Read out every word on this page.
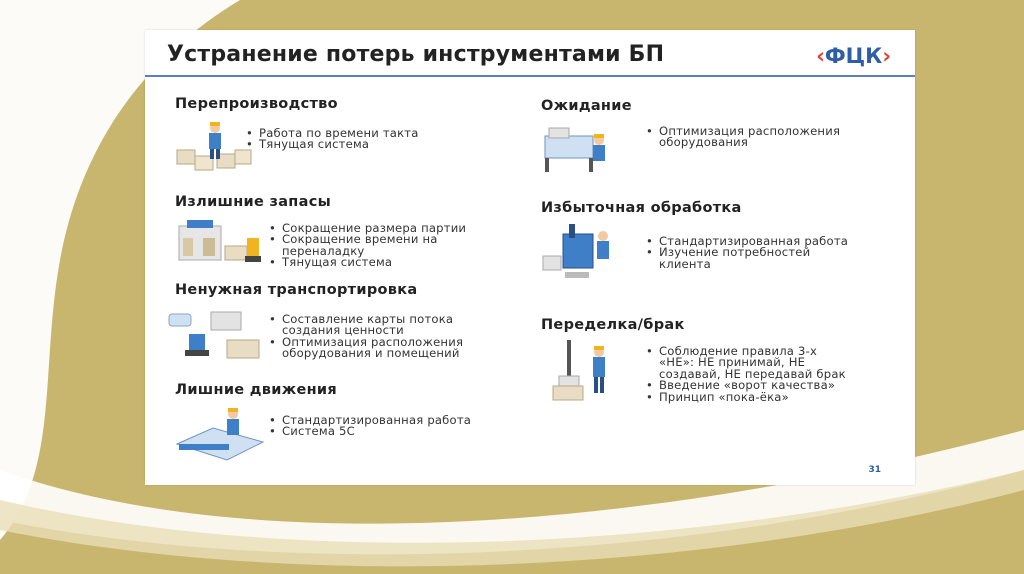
Устранение потерь инструментами БП	‹ФЦК›
Перепроизводство
• Работа по времени такта
• Тянущая система
Излишние запасы
• Сокращение размера партии
• Сокращение времени на
переналадку
• Тянущая система
Ненужная транспортировка
• Составление карты потока
создания ценности
• Оптимизация расположения
оборудования и помещений
Лишние движения
• Стандартизированная работа
• Система 5С
Ожидание
• Оптимизация расположения
оборудования
Избыточная обработка
• Стандартизированная работа
• Изучение потребностей
клиента
Переделка/брак
• Соблюдение правила 3-х
«НЕ»: НЕ принимай, НЕ
создавай, НЕ передавай брак
• Введение «ворот качества»
• Принцип «пока-ёка»
31
